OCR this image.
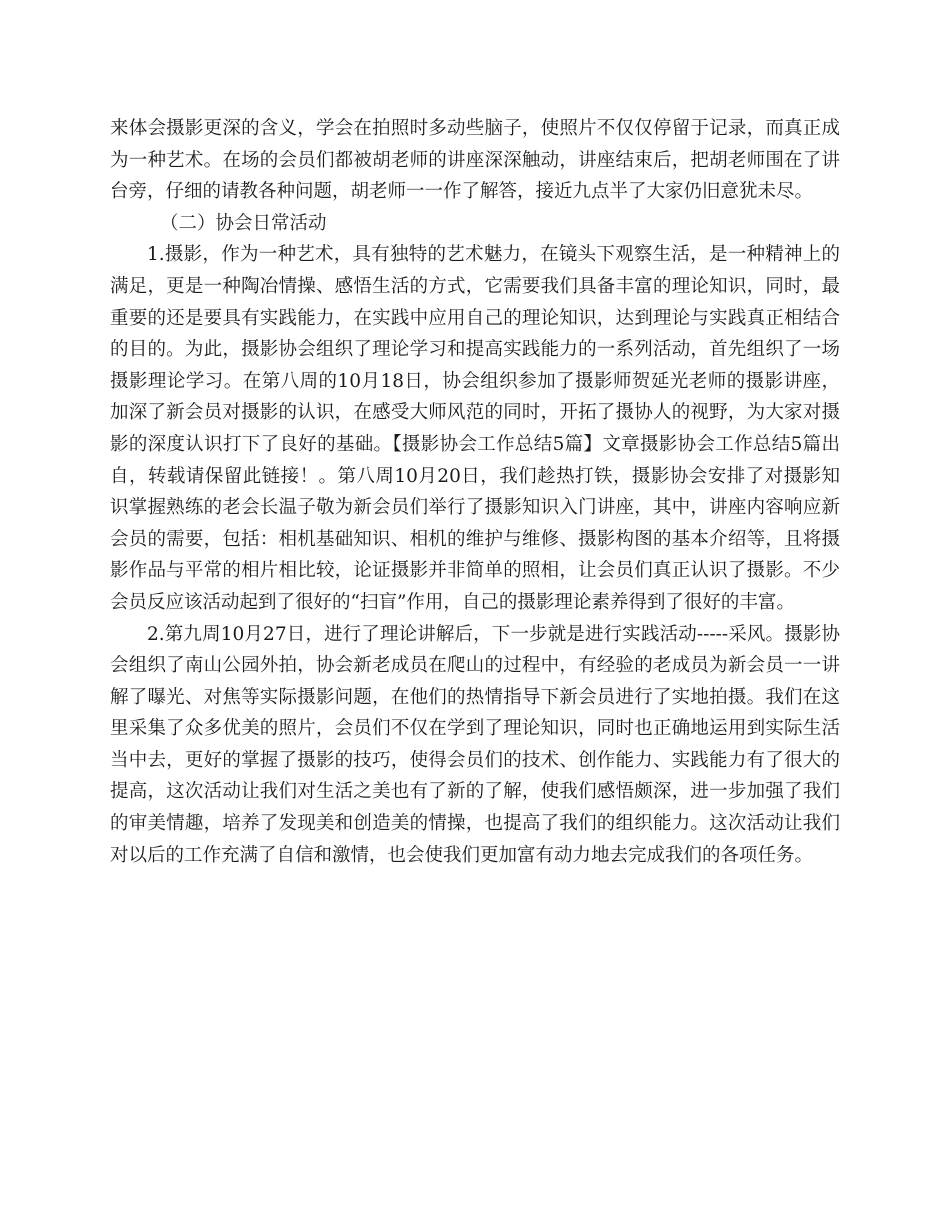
来体会摄影更深的含义，学会在拍照时多动些脑子，使照片不仅仅停留于记录，而真正成为一种艺术。在场的会员们都被胡老师的讲座深深触动，讲座结束后，把胡老师围在了讲台旁，仔细的请教各种问题，胡老师一一作了解答，接近九点半了大家仍旧意犹未尽。

（二）协会日常活动

1.摄影，作为一种艺术，具有独特的艺术魅力，在镜头下观察生活，是一种精神上的满足，更是一种陶冶情操、感悟生活的方式，它需要我们具备丰富的理论知识，同时，最重要的还是要具有实践能力，在实践中应用自己的理论知识，达到理论与实践真正相结合的目的。为此，摄影协会组织了理论学习和提高实践能力的一系列活动，首先组织了一场摄影理论学习。在第八周的10月18日，协会组织参加了摄影师贺延光老师的摄影讲座，加深了新会员对摄影的认识，在感受大师风范的同时，开拓了摄协人的视野，为大家对摄影的深度认识打下了良好的基础。【摄影协会工作总结5篇】文章摄影协会工作总结5篇出自，转载请保留此链接！。第八周10月20日，我们趁热打铁，摄影协会安排了对摄影知识掌握熟练的老会长温子敬为新会员们举行了摄影知识入门讲座，其中，讲座内容响应新会员的需要，包括：相机基础知识、相机的维护与维修、摄影构图的基本介绍等，且将摄影作品与平常的相片相比较，论证摄影并非简单的照相，让会员们真正认识了摄影。不少会员反应该活动起到了很好的“扫盲”作用，自己的摄影理论素养得到了很好的丰富。

2.第九周10月27日，进行了理论讲解后，下一步就是进行实践活动-----采风。摄影协会组织了南山公园外拍，协会新老成员在爬山的过程中，有经验的老成员为新会员一一讲解了曝光、对焦等实际摄影问题，在他们的热情指导下新会员进行了实地拍摄。我们在这里采集了众多优美的照片，会员们不仅在学到了理论知识，同时也正确地运用到实际生活当中去，更好的掌握了摄影的技巧，使得会员们的技术、创作能力、实践能力有了很大的提高，这次活动让我们对生活之美也有了新的了解，使我们感悟颇深，进一步加强了我们的审美情趣，培养了发现美和创造美的情操，也提高了我们的组织能力。这次活动让我们对以后的工作充满了自信和激情，也会使我们更加富有动力地去完成我们的各项任务。
